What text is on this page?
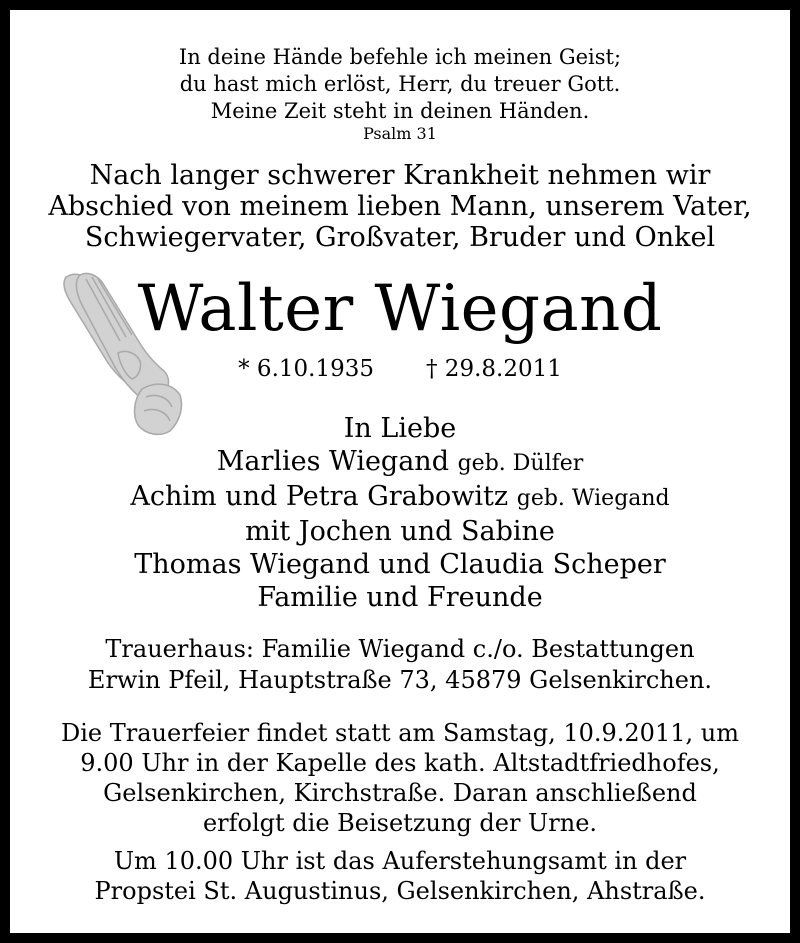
In deine Hände befehle ich meinen Geist;
du hast mich erlöst, Herr, du treuer Gott.
Meine Zeit steht in deinen Händen.
Psalm 31
Nach langer schwerer Krankheit nehmen wir
Abschied von meinem lieben Mann, unserem Vater,
Schwiegervater, Großvater, Bruder und Onkel
Walter Wiegand
* 6.10.1935 † 29.8.2011
In Liebe
Marlies Wiegand geb. Dülfer
Achim und Petra Grabowitz geb. Wiegand
mit Jochen und Sabine
Thomas Wiegand und Claudia Scheper
Familie und Freunde
Trauerhaus: Familie Wiegand c./o. Bestattungen
Erwin Pfeil, Hauptstraße 73, 45879 Gelsenkirchen.
Die Trauerfeier findet statt am Samstag, 10.9.2011, um
9.00 Uhr in der Kapelle des kath. Altstadtfriedhofes,
Gelsenkirchen, Kirchstraße. Daran anschließend
erfolgt die Beisetzung der Urne.
Um 10.00 Uhr ist das Auferstehungsamt in der
Propstei St. Augustinus, Gelsenkirchen, Ahstraße.
